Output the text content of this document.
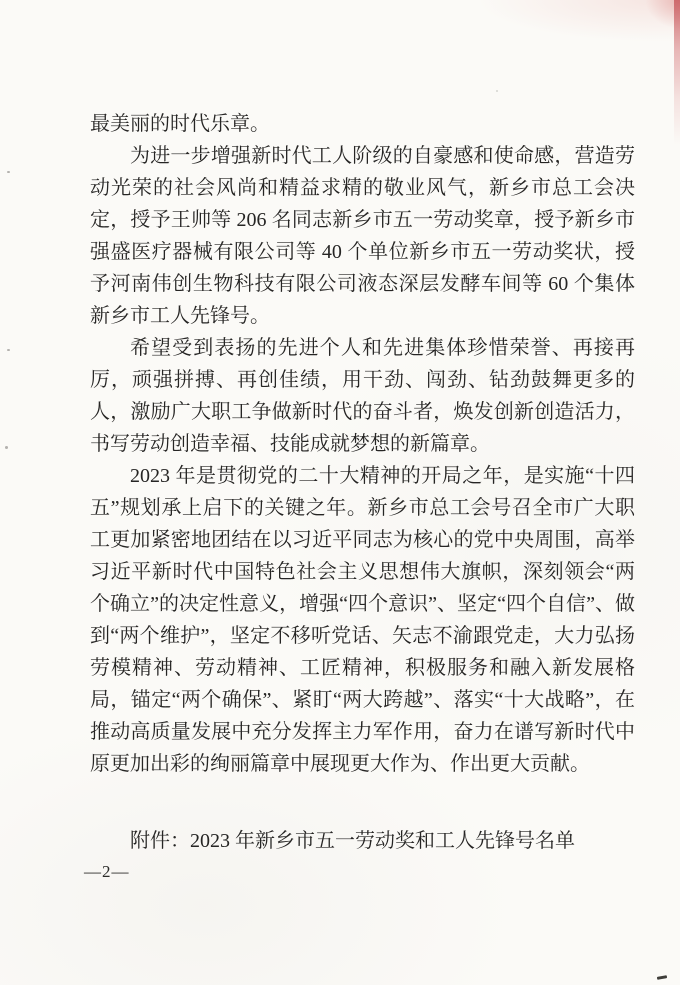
最美丽的时代乐章。

为进一步增强新时代工人阶级的自豪感和使命感，营造劳动光荣的社会风尚和精益求精的敬业风气，新乡市总工会决定，授予王帅等 206 名同志新乡市五一劳动奖章，授予新乡市强盛医疗器械有限公司等 40 个单位新乡市五一劳动奖状，授予河南伟创生物科技有限公司液态深层发酵车间等 60 个集体新乡市工人先锋号。

希望受到表扬的先进个人和先进集体珍惜荣誉、再接再厉，顽强拼搏、再创佳绩，用干劲、闯劲、钻劲鼓舞更多的人，激励广大职工争做新时代的奋斗者，焕发创新创造活力，书写劳动创造幸福、技能成就梦想的新篇章。

2023 年是贯彻党的二十大精神的开局之年，是实施“十四五”规划承上启下的关键之年。新乡市总工会号召全市广大职工更加紧密地团结在以习近平同志为核心的党中央周围，高举习近平新时代中国特色社会主义思想伟大旗帜，深刻领会“两个确立”的决定性意义，增强“四个意识”、坚定“四个自信”、做到“两个维护”，坚定不移听党话、矢志不渝跟党走，大力弘扬劳模精神、劳动精神、工匠精神，积极服务和融入新发展格局，锚定“两个确保”、紧盯“两大跨越”、落实“十大战略”，在推动高质量发展中充分发挥主力军作用，奋力在谱写新时代中原更加出彩的绚丽篇章中展现更大作为、作出更大贡献。

附件：2023 年新乡市五一劳动奖和工人先锋号名单

—2—
